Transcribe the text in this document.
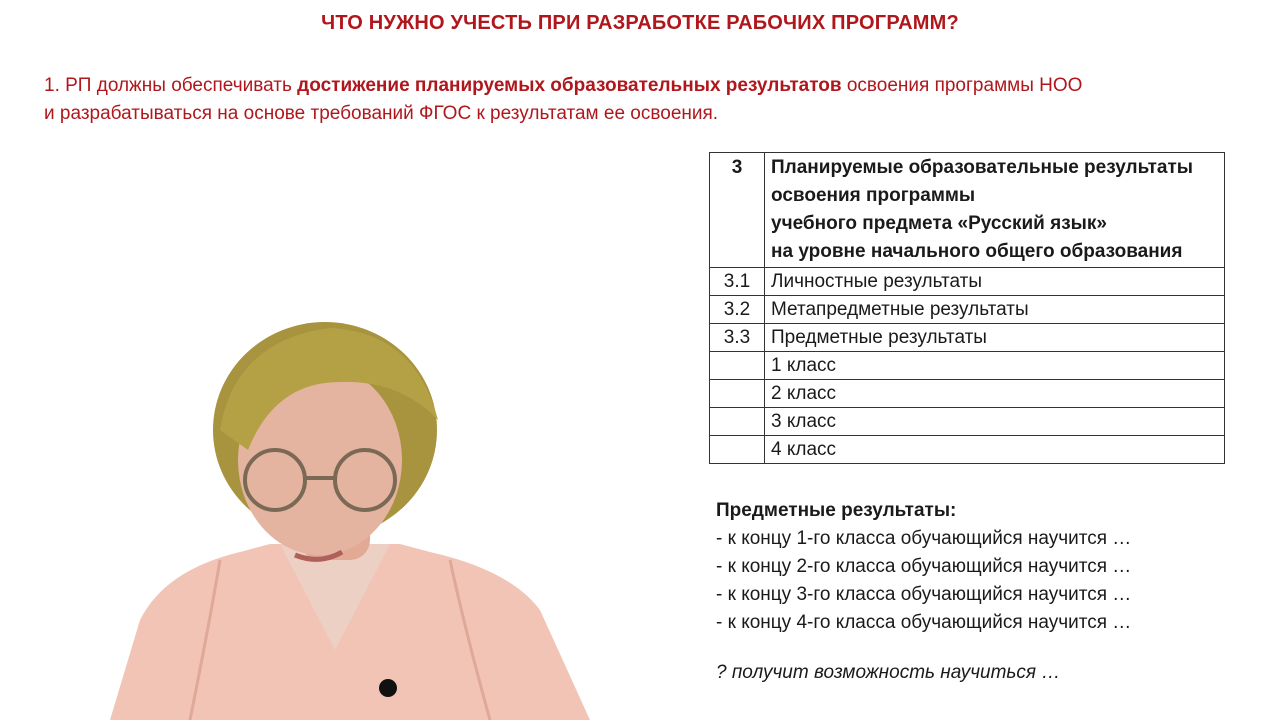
ЧТО НУЖНО УЧЕСТЬ ПРИ РАЗРАБОТКЕ РАБОЧИХ ПРОГРАММ?
1. РП должны обеспечивать достижение планируемых образовательных результатов освоения программы НОО
и разрабатываться на основе требований ФГОС к результатам ее освоения.
3	Планируемые образовательные результаты
освоения программы
учебного предмета «Русский язык»
на уровне начального общего образования

3.1	Личностные результаты
3.2	Метапредметные результаты
3.3	Предметные результаты
	1 класс
	2 класс
	3 класс
	4 класс
Предметные результаты:
- к концу 1-го класса обучающийся научится …
- к концу 2-го класса обучающийся научится …
- к концу 3-го класса обучающийся научится …
- к концу 4-го класса обучающийся научится …
? получит возможность научиться …
